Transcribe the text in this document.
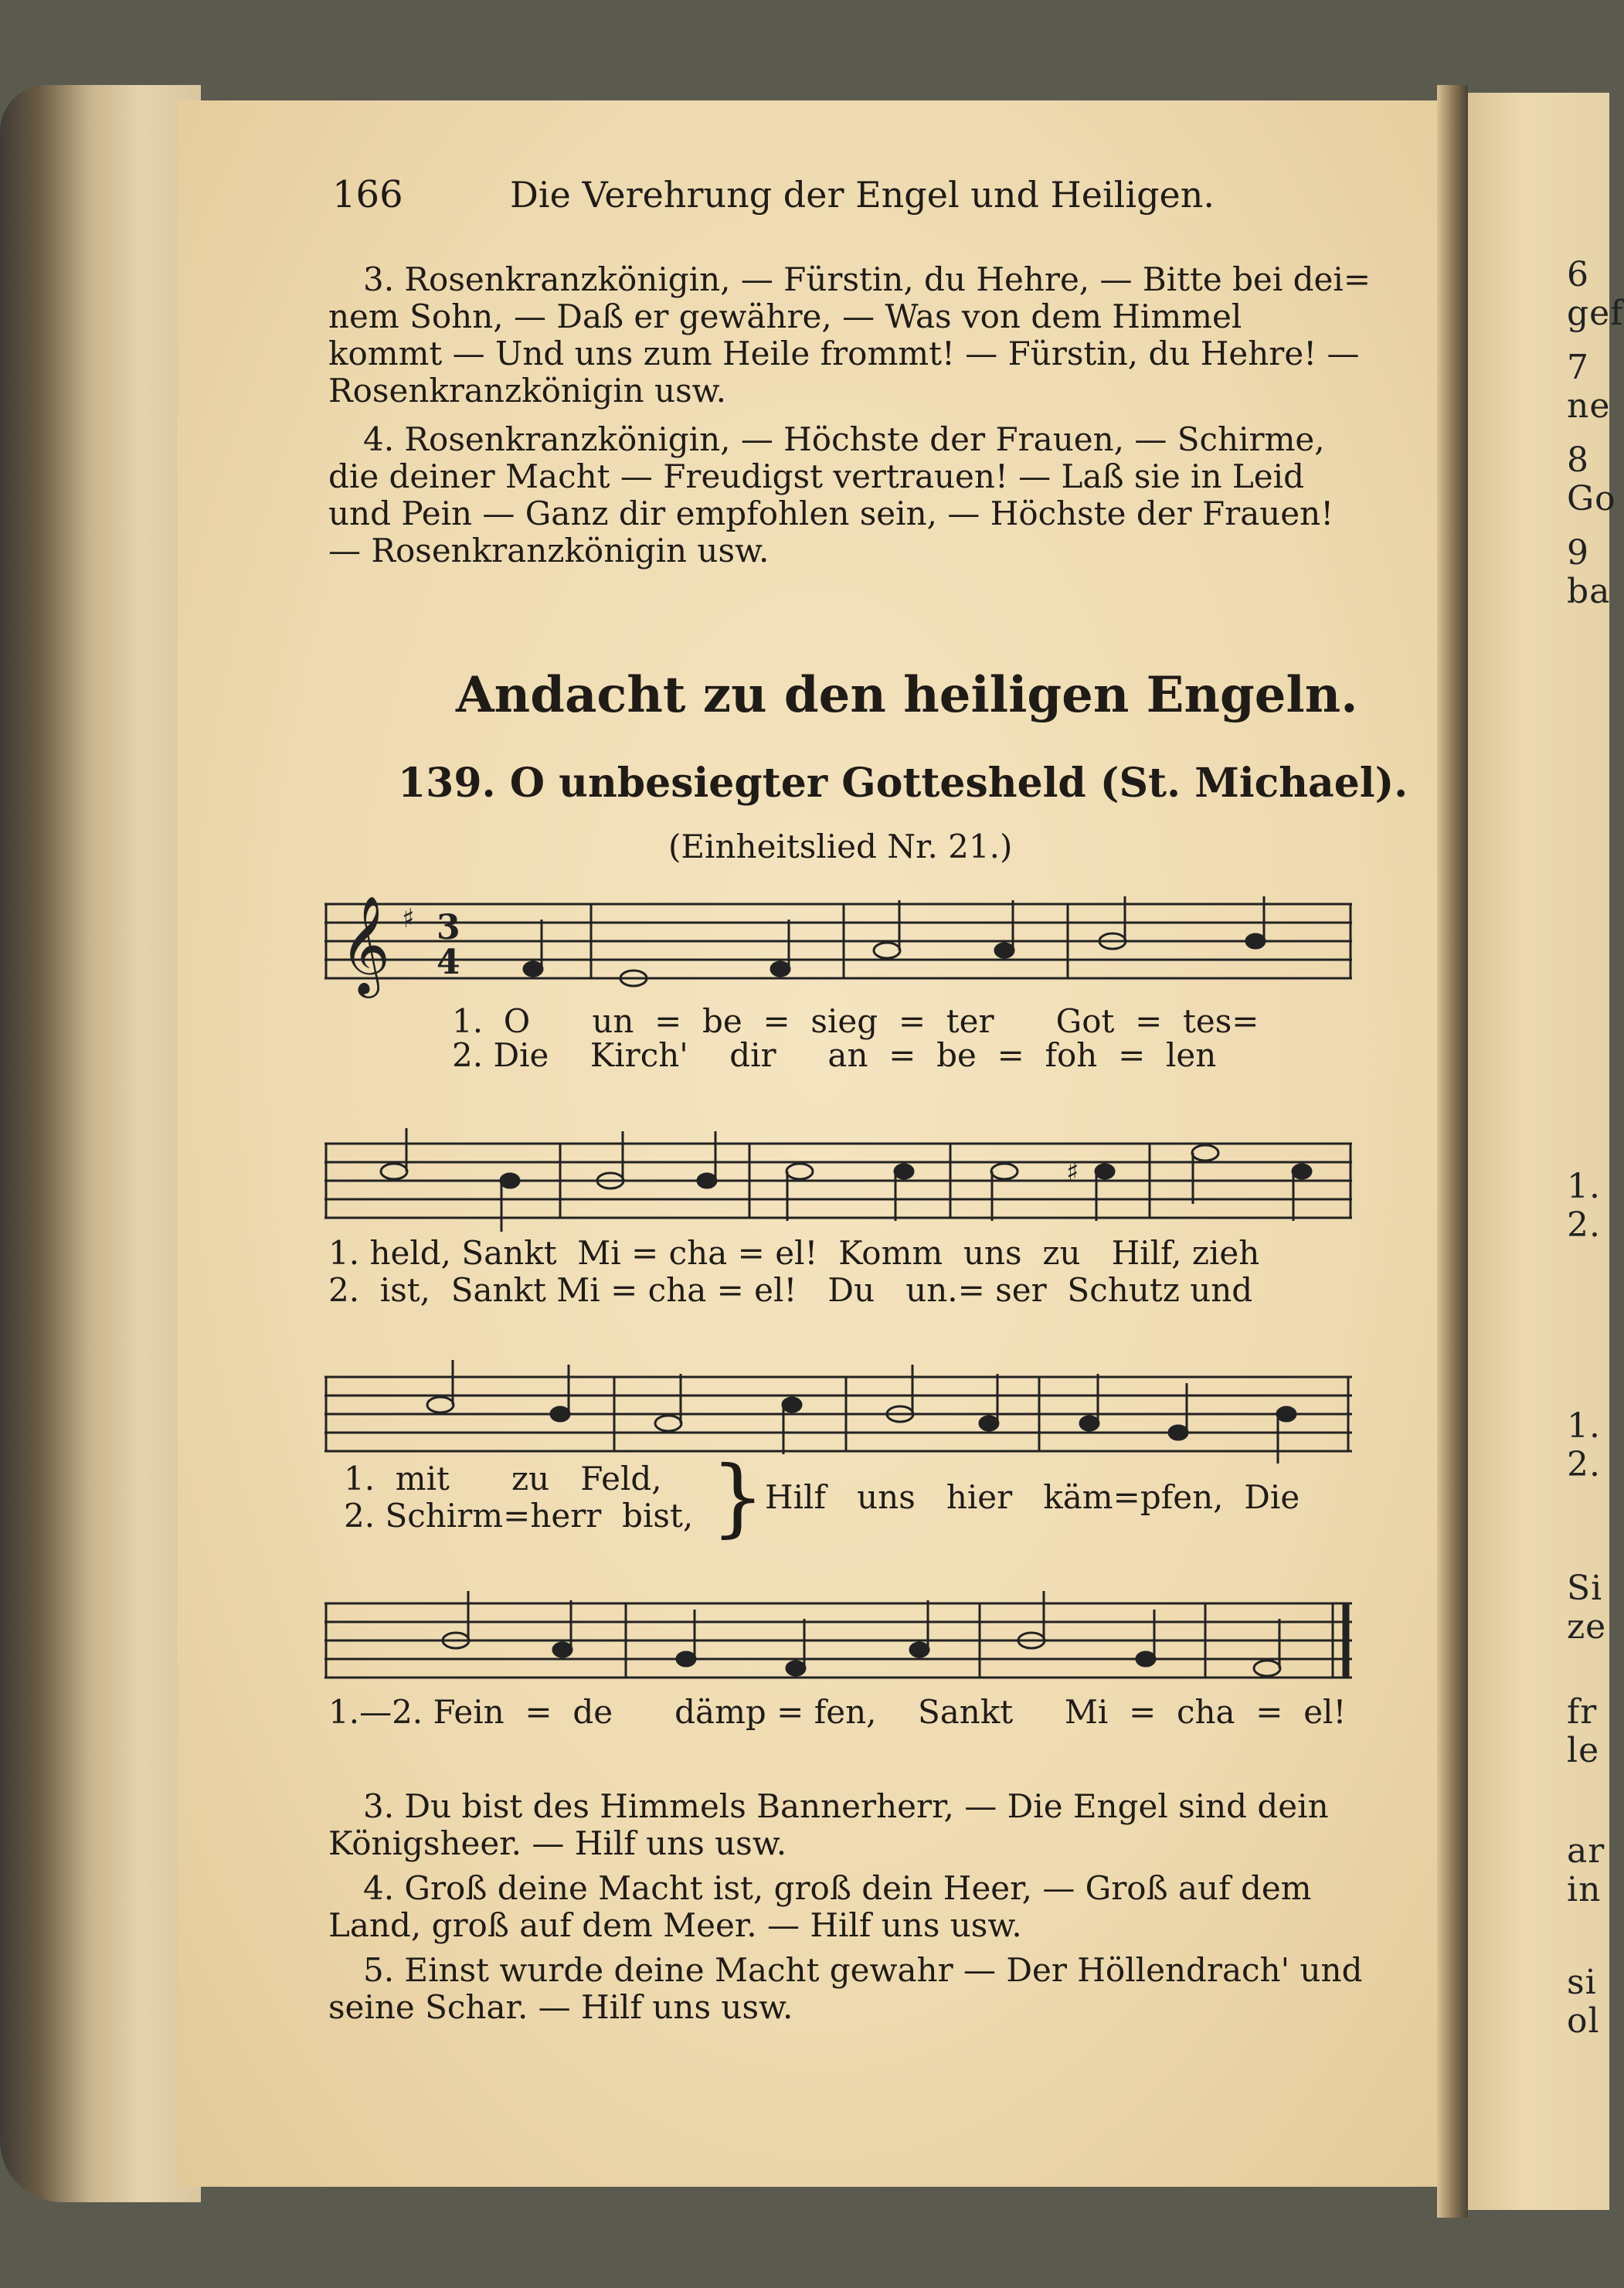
6
gef
7
ne
8
Go
9
ba
1.
2.
1.
2.
Si
ze
fr
le
ar
in
si
ol
166	Die Verehrung der Engel und Heiligen.
3. Rosenkranzkönigin, — Fürstin, du Hehre, — Bitte bei dei=
nem Sohn, — Daß er gewähre, — Was von dem Himmel
kommt — Und uns zum Heile frommt! — Fürstin, du Hehre! —
Rosenkranzkönigin usw.
4. Rosenkranzkönigin, — Höchste der Frauen, — Schirme,
die deiner Macht — Freudigst vertrauen! — Laß sie in Leid
und Pein — Ganz dir empfohlen sein, — Höchste der Frauen!
— Rosenkranzkönigin usw.
Andacht zu den heiligen Engeln.
139. O unbesiegter Gottesheld (St. Michael).
(Einheitslied Nr. 21.)
𝄞 ♯ 3
4
1. O un = be = sieg = ter Got = tes=
2. Die Kirch' dir an = be = foh = len
♯
1. held, Sankt Mi = cha = el! Komm uns zu Hilf, zieh
2. ist, Sankt Mi = cha = el! Du un.= ser Schutz und
1. mit zu Feld,
2. Schirm=herr bist, } Hilf uns hier käm=pfen, Die
1.—2. Fein = de dämp = fen, Sankt Mi = cha = el!
3. Du bist des Himmels Bannerherr, — Die Engel sind dein
Königsheer. — Hilf uns usw.
4. Groß deine Macht ist, groß dein Heer, — Groß auf dem
Land, groß auf dem Meer. — Hilf uns usw.
5. Einst wurde deine Macht gewahr — Der Höllendrach' und
seine Schar. — Hilf uns usw.
